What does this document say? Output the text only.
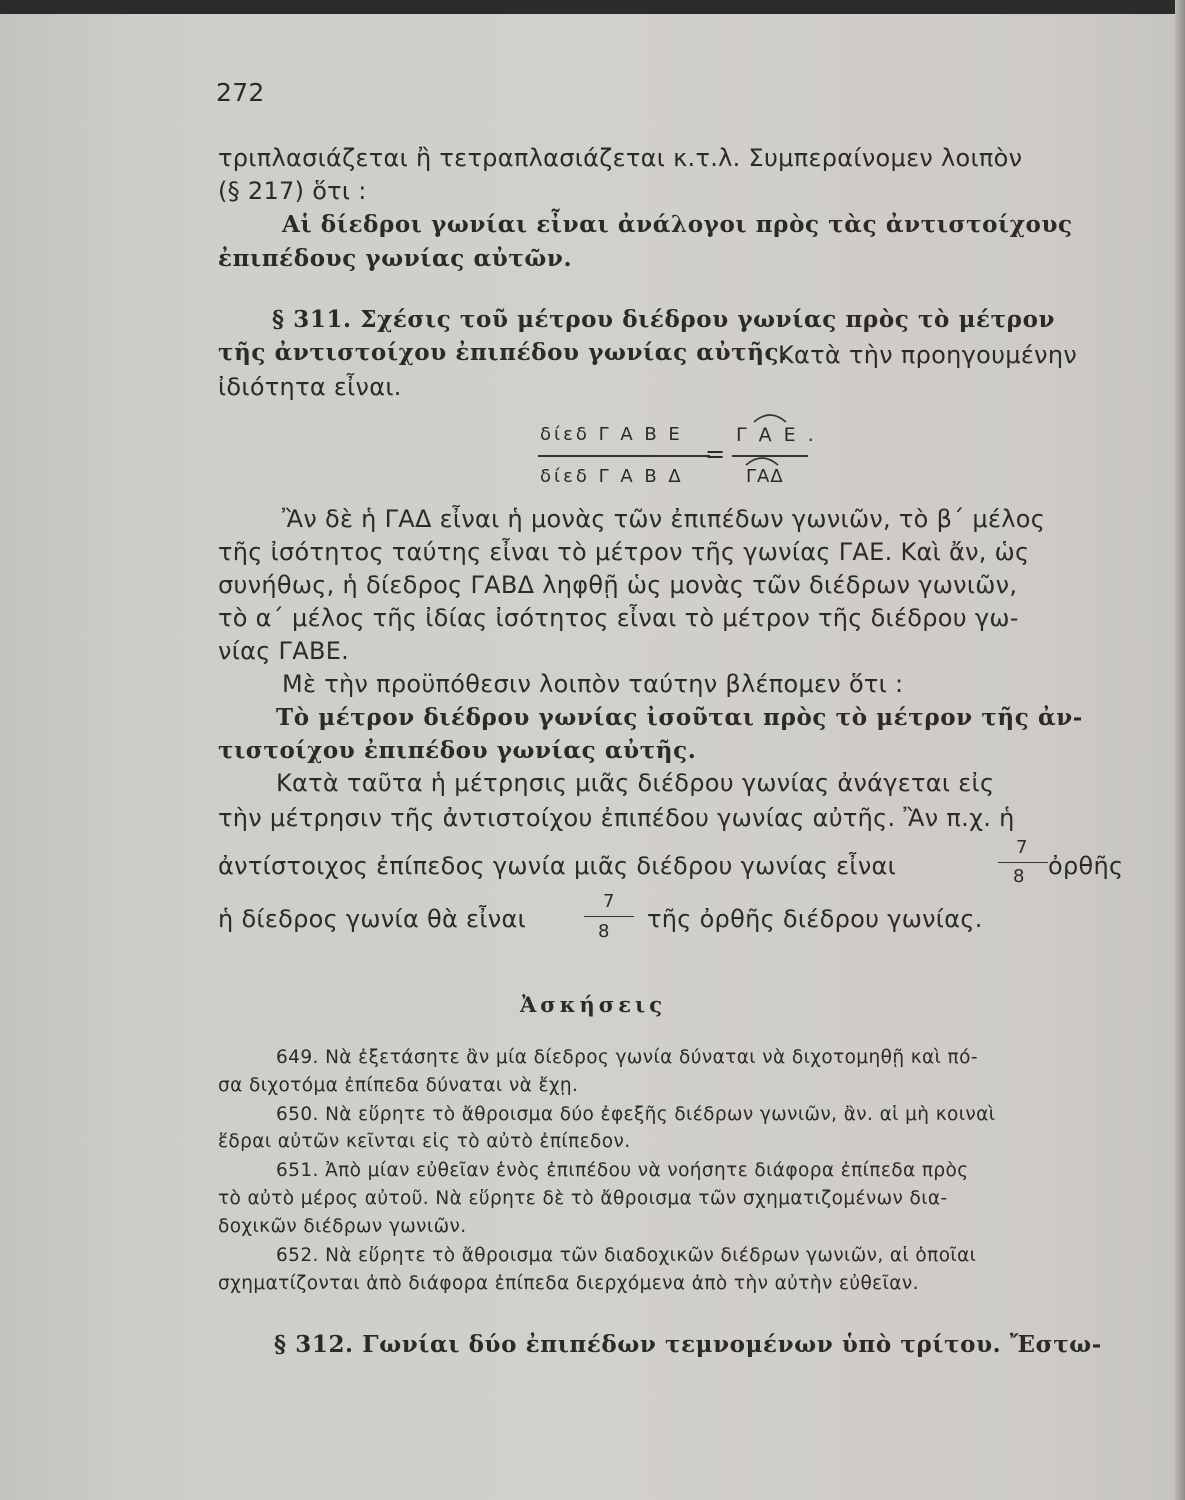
272
τριπλασιάζεται ἢ τετραπλασιάζεται κ.τ.λ. Συμπεραίνομεν λοιπὸν
(§ 217) ὅτι :
Αἱ δίεδροι γωνίαι εἶναι ἀνάλογοι πρὸς τὰς ἀντιστοίχους
ἐπιπέδους γωνίας αὐτῶν.
§ 311. Σχέσις τοῦ μέτρου διέδρου γωνίας πρὸς τὸ μέτρον
τῆς ἀντιστοίχου ἐπιπέδου γωνίας αὐτῆς.
Κατὰ τὴν προηγουμένην
ἰδιότητα εἶναι.
δίεδ Γ Α Β Ε
δίεδ Γ Α Β Δ
=
Γ Α Ε .
ΓΑΔ
Ἂν δὲ ἡ ΓΑΔ εἶναι ἡ μονὰς τῶν ἐπιπέδων γωνιῶν, τὸ β΄ μέλος
τῆς ἰσότητος ταύτης εἶναι τὸ μέτρον τῆς γωνίας ΓΑΕ. Καὶ ἄν, ὡς
συνήθως, ἡ δίεδρος ΓΑΒΔ ληφθῇ ὡς μονὰς τῶν διέδρων γωνιῶν,
τὸ α΄ μέλος τῆς ἰδίας ἰσότητος εἶναι τὸ μέτρον τῆς διέδρου γω-
νίας ΓΑΒΕ.
Μὲ τὴν προϋπόθεσιν λοιπὸν ταύτην βλέπομεν ὅτι :
Τὸ μέτρον διέδρου γωνίας ἰσοῦται πρὸς τὸ μέτρον τῆς ἀν-
τιστοίχου ἐπιπέδου γωνίας αὐτῆς.
Κατὰ ταῦτα ἡ μέτρησις μιᾶς διέδρου γωνίας ἀνάγεται εἰς
τὴν μέτρησιν τῆς ἀντιστοίχου ἐπιπέδου γωνίας αὐτῆς. Ἂν π.χ. ἡ
ἀντίστοιχος ἐπίπεδος γωνία μιᾶς διέδρου γωνίας εἶναι
7
8 ὀρθῆς
ἡ δίεδρος γωνία θὰ εἶναι
7
8 τῆς ὀρθῆς διέδρου γωνίας.
Ἀσκήσεις
649. Νὰ ἐξετάσητε ἂν μία δίεδρος γωνία δύναται νὰ διχοτομηθῇ καὶ πό-
σα διχοτόμα ἐπίπεδα δύναται νὰ ἔχῃ.
650. Νὰ εὕρητε τὸ ἄθροισμα δύο ἐφεξῆς διέδρων γωνιῶν, ἂν. αἱ μὴ κοιναὶ
ἕδραι αὐτῶν κεῖνται εἰς τὸ αὐτὸ ἐπίπεδον.
651. Ἀπὸ μίαν εὐθεῖαν ἑνὸς ἐπιπέδου νὰ νοήσητε διάφορα ἐπίπεδα πρὸς
τὸ αὐτὸ μέρος αὐτοῦ. Νὰ εὕρητε δὲ τὸ ἄθροισμα τῶν σχηματιζομένων δια-
δοχικῶν διέδρων γωνιῶν.
652. Νὰ εὕρητε τὸ ἄθροισμα τῶν διαδοχικῶν διέδρων γωνιῶν, αἱ ὁποῖαι
σχηματίζονται ἀπὸ διάφορα ἐπίπεδα διερχόμενα ἀπὸ τὴν αὐτὴν εὐθεῖαν.
§ 312. Γωνίαι δύο ἐπιπέδων τεμνομένων ὑπὸ τρίτου. Ἔστω-
